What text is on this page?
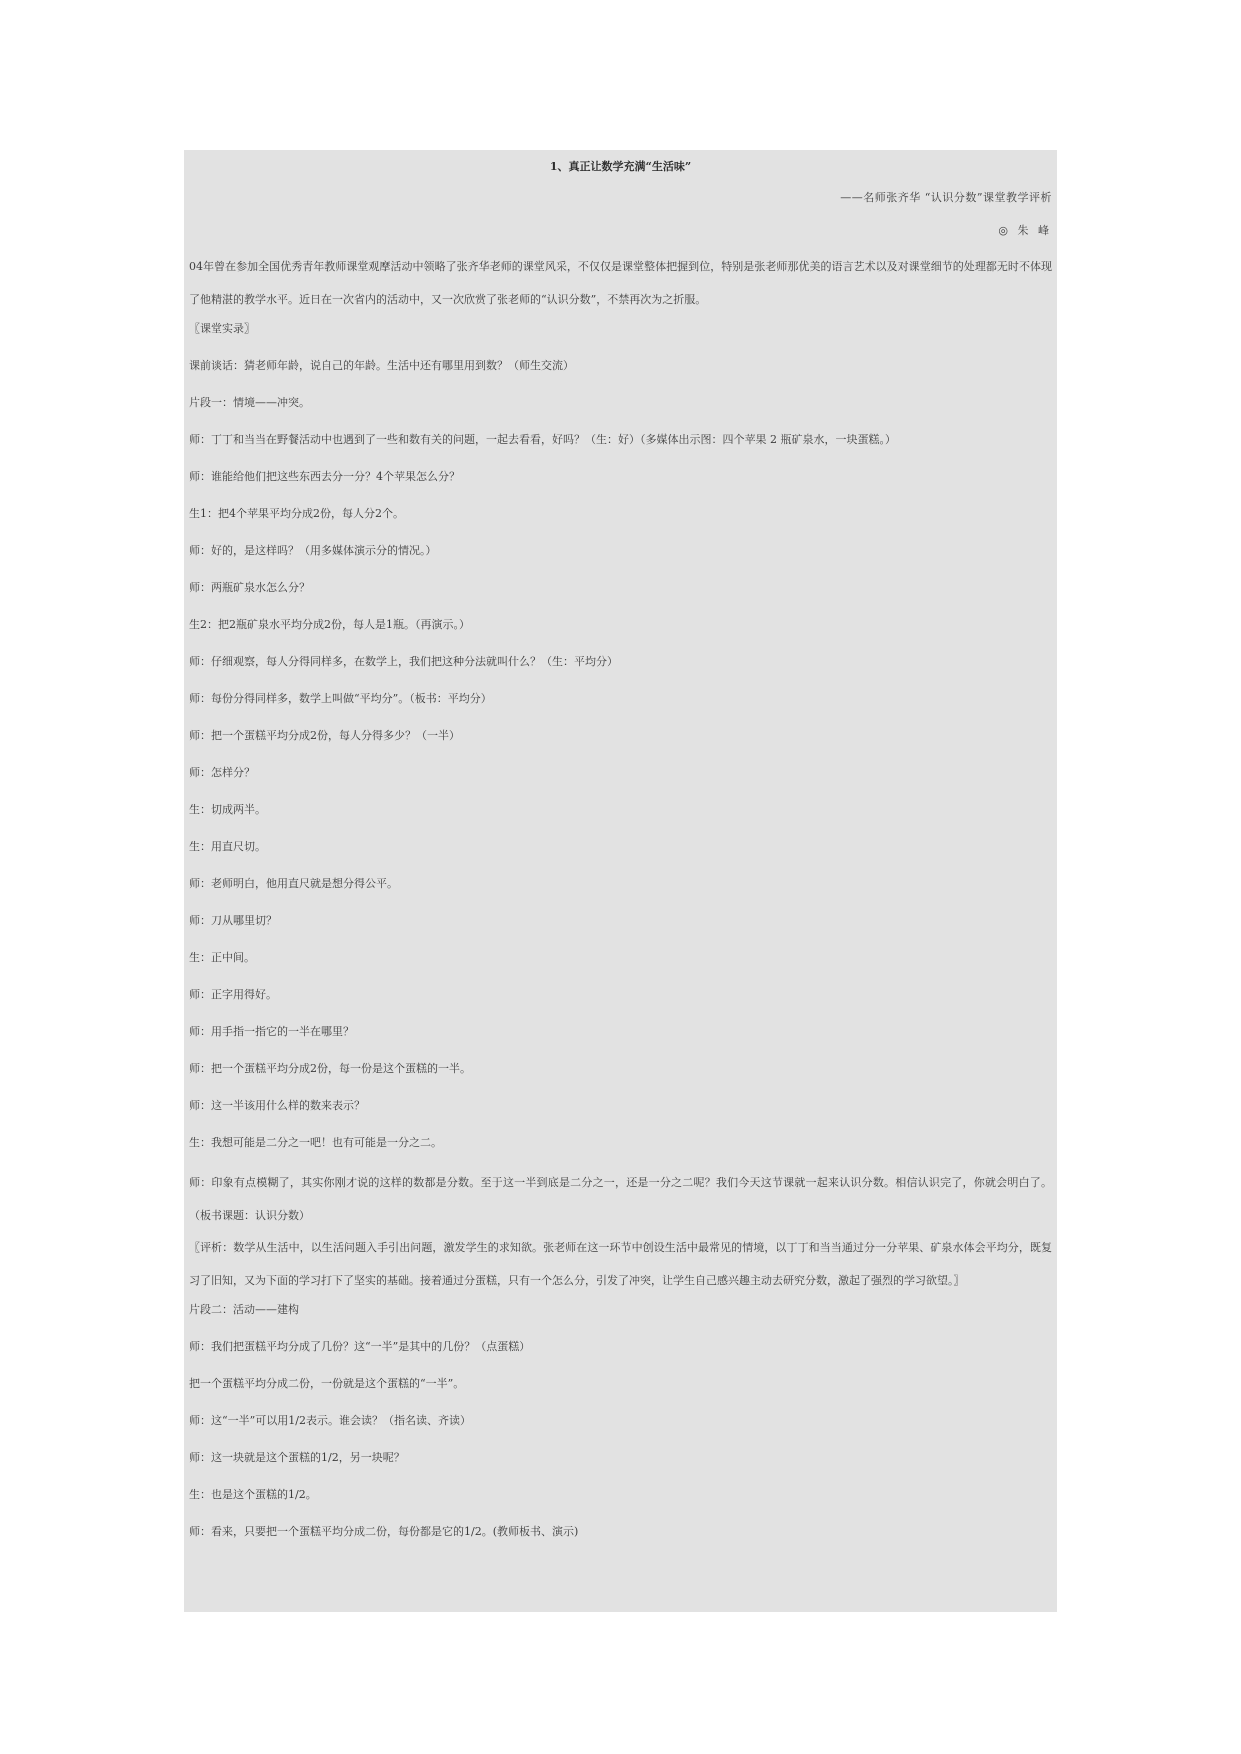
1、真正让数学充满“生活味”
——名师张齐华 “认识分数”课堂教学评析
◎ 朱 峰

04年曾在参加全国优秀青年教师课堂观摩活动中领略了张齐华老师的课堂风采，不仅仅是课堂整体把握到位，特别是张老师那优美的语言艺术以及对课堂细节的处理都无时不体现了他精湛的教学水平。近日在一次省内的活动中，又一次欣赏了张老师的“认识分数”，不禁再次为之折服。

〖课堂实录〗
课前谈话：猜老师年龄，说自己的年龄。生活中还有哪里用到数？（师生交流）
片段一：情境——冲突。
师：丁丁和当当在野餐活动中也遇到了一些和数有关的问题，一起去看看，好吗？（生：好）（多媒体出示图：四个苹果 2 瓶矿泉水，一块蛋糕。）
师：谁能给他们把这些东西去分一分？4个苹果怎么分？
生1：把4个苹果平均分成2份，每人分2个。
师：好的，是这样吗？（用多媒体演示分的情况。）
师：两瓶矿泉水怎么分？
生2：把2瓶矿泉水平均分成2份，每人是1瓶。（再演示。）
师：仔细观察，每人分得同样多，在数学上，我们把这种分法就叫什么？（生：平均分）
师：每份分得同样多，数学上叫做“平均分”。（板书：平均分）
师：把一个蛋糕平均分成2份，每人分得多少？（一半）
师：怎样分？
生：切成两半。
生：用直尺切。
师：老师明白，他用直尺就是想分得公平。
师：刀从哪里切？
生：正中间。
师：正字用得好。
师：用手指一指它的一半在哪里？
师：把一个蛋糕平均分成2份，每一份是这个蛋糕的一半。
师：这一半该用什么样的数来表示？
生：我想可能是二分之一吧！也有可能是一分之二。

师：印象有点模糊了，其实你刚才说的这样的数都是分数。至于这一半到底是二分之一，还是一分之二呢？我们今天这节课就一起来认识分数。相信认识完了，你就会明白了。（板书课题：认识分数）

〖评析：数学从生活中，以生活问题入手引出问题，激发学生的求知欲。张老师在这一环节中创设生活中最常见的情境，以丁丁和当当通过分一分苹果、矿泉水体会平均分，既复习了旧知，又为下面的学习打下了坚实的基础。接着通过分蛋糕，只有一个怎么分，引发了冲突，让学生自己感兴趣主动去研究分数，激起了强烈的学习欲望。〗

片段二：活动——建构
师：我们把蛋糕平均分成了几份？这“一半”是其中的几份？（点蛋糕）
把一个蛋糕平均分成二份，一份就是这个蛋糕的“一半”。
师：这“一半”可以用1/2表示。谁会读？（指名读、齐读）
师：这一块就是这个蛋糕的1/2，另一块呢？
生：也是这个蛋糕的1/2。
师：看来，只要把一个蛋糕平均分成二份，每份都是它的1/2。(教师板书、演示)
